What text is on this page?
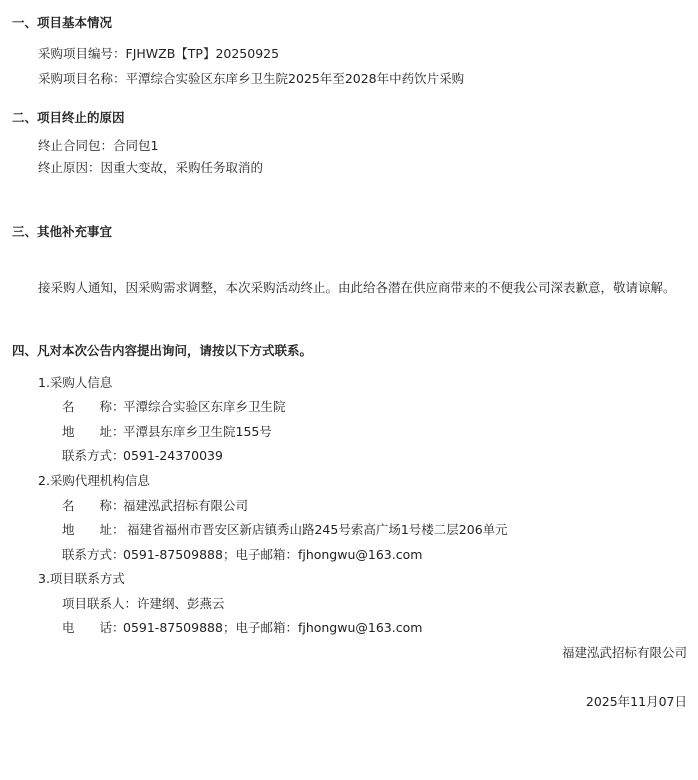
一、项目基本情况
采购项目编号：FJHWZB【TP】20250925
采购项目名称：平潭综合实验区东庠乡卫生院2025年至2028年中药饮片采购
二、项目终止的原因
终止合同包：合同包1
终止原因：因重大变故，采购任务取消的
三、其他补充事宜
接采购人通知，因采购需求调整，本次采购活动终止。由此给各潜在供应商带来的不便我公司深表歉意，敬请谅解。
四、凡对本次公告内容提出询问，请按以下方式联系。
1.采购人信息
名　　称：平潭综合实验区东庠乡卫生院
地　　址：平潭县东庠乡卫生院155号
联系方式：0591-24370039
2.采购代理机构信息
名　　称：福建泓武招标有限公司
地　　址： 福建省福州市晋安区新店镇秀山路245号索高广场1号楼二层206单元
联系方式：0591-87509888；电子邮箱：fjhongwu@163.com
3.项目联系方式
项目联系人：许建纲、彭燕云
电　　话：0591-87509888；电子邮箱：fjhongwu@163.com
福建泓武招标有限公司
2025年11月07日
